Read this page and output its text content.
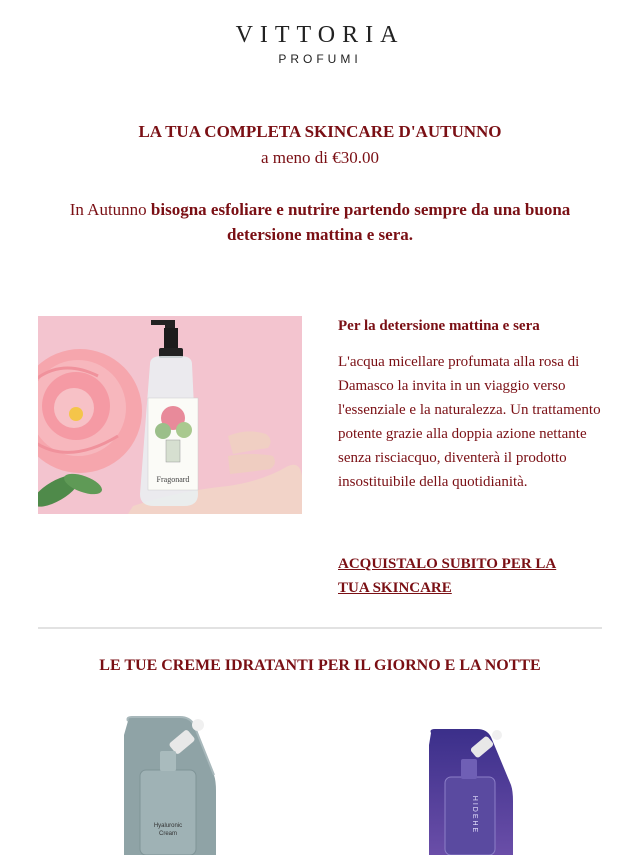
VITTORIA
PROFUMI
LA TUA COMPLETA SKINCARE D'AUTUNNO
a meno di €30.00
In Autunno bisogna esfoliare e nutrire partendo sempre da una buona detersione mattina e sera.
Fragonard
Per la detersione mattina e sera
L'acqua micellare profumata alla rosa di Damasco la invita in un viaggio verso l'essenziale e la naturalezza. Un trattamento potente grazie alla doppia azione nettante senza risciacquo, diventerà il prodotto insostituibile della quotidianità.
ACQUISTALO SUBITO PER LA TUA SKINCARE
LE TUE CREME IDRATANTI PER IL GIORNO E LA NOTTE
Hyaluronic
Cream	HIDEHE
